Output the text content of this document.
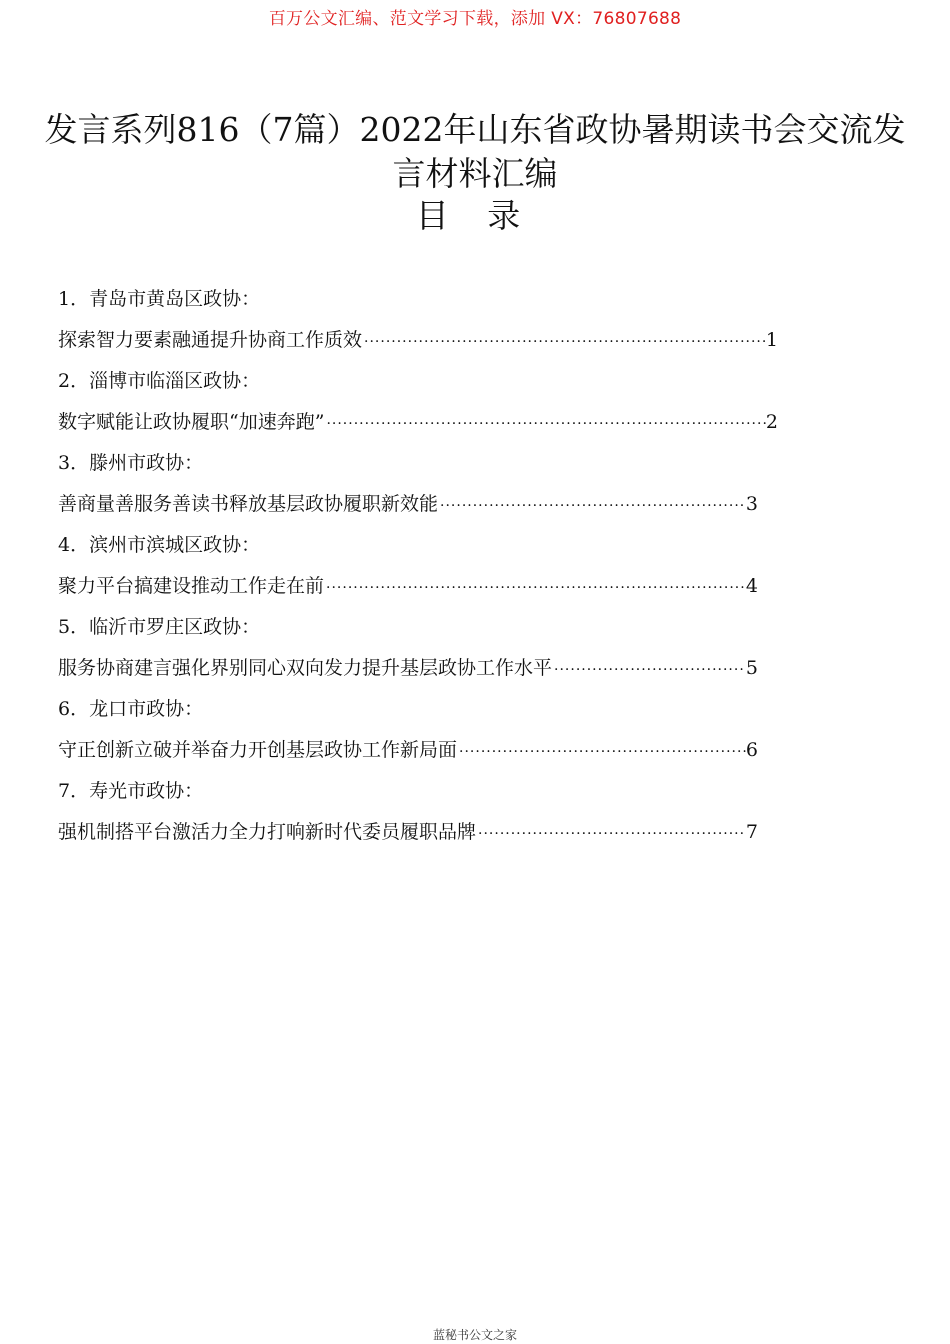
百万公文汇编、范文学习下载，添加 VX：76807688
发言系列816（7篇）2022年山东省政协暑期读书会交流发言材料汇编
目 录
1．青岛市黄岛区政协：
探索智力要素融通提升协商工作质效 ·····	1
2．淄博市临淄区政协：
数字赋能让政协履职“加速奔跑” ·····	2
3．滕州市政协：
善商量善服务善读书释放基层政协履职新效能 ·····	3
4．滨州市滨城区政协：
聚力平台搞建设推动工作走在前 ·····	4
5．临沂市罗庄区政协：
服务协商建言强化界别同心双向发力提升基层政协工作水平 ·····	5
6．龙口市政协：
守正创新立破并举奋力开创基层政协工作新局面 ·····	6
7．寿光市政协：
强机制搭平台激活力全力打响新时代委员履职品牌 ·····	7
蓝秘书公文之家
